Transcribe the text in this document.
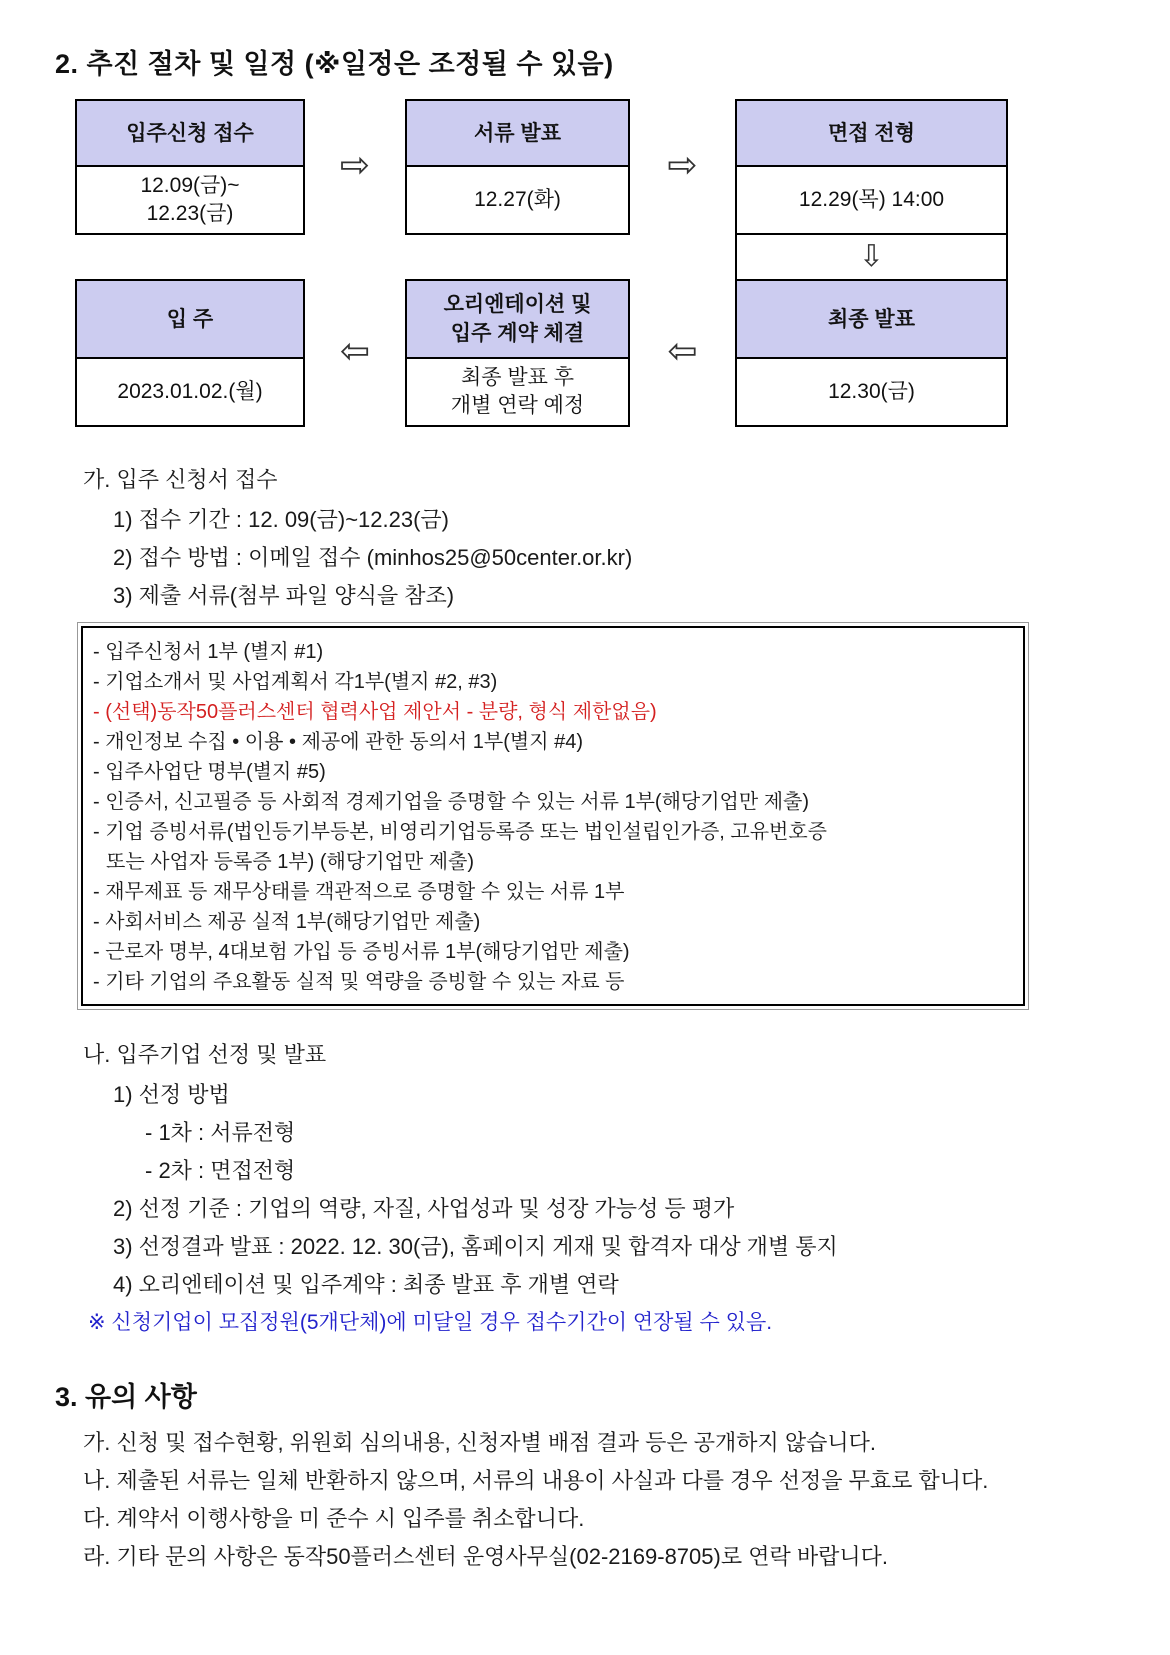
2. 추진 절차 및 일정 (※일정은 조정될 수 있음)
입주신청 접수
12.09(금)~
12.23(금)
⇨
서류 발표
12.27(화)
⇨
면접 전형
12.29(목) 14:00
⇩
입 주
2023.01.02.(월)
⇦
오리엔테이션 및
입주 계약 체결
최종 발표 후
개별 연락 예정
⇦
최종 발표
12.30(금)
가. 입주 신청서 접수
1) 접수 기간 : 12. 09(금)~12.23(금)
2) 접수 방법 : 이메일 접수 (minhos25@50center.or.kr)
3) 제출 서류(첨부 파일 양식을 참조)
- 입주신청서 1부 (별지 #1)
- 기업소개서 및 사업계획서 각1부(별지 #2, #3)
- (선택)동작50플러스센터 협력사업 제안서 - 분량, 형식 제한없음)
- 개인정보 수집 • 이용 • 제공에 관한 동의서 1부(별지 #4)
- 입주사업단 명부(별지 #5)
- 인증서, 신고필증 등 사회적 경제기업을 증명할 수 있는 서류 1부(해당기업만 제출)
- 기업 증빙서류(법인등기부등본, 비영리기업등록증 또는 법인설립인가증, 고유번호증
또는 사업자 등록증 1부) (해당기업만 제출)
- 재무제표 등 재무상태를 객관적으로 증명할 수 있는 서류 1부
- 사회서비스 제공 실적 1부(해당기업만 제출)
- 근로자 명부, 4대보험 가입 등 증빙서류 1부(해당기업만 제출)
- 기타 기업의 주요활동 실적 및 역량을 증빙할 수 있는 자료 등
나. 입주기업 선정 및 발표
1) 선정 방법
- 1차 : 서류전형
- 2차 : 면접전형
2) 선정 기준 : 기업의 역량, 자질, 사업성과 및 성장 가능성 등 평가
3) 선정결과 발표 : 2022. 12. 30(금), 홈페이지 게재 및 합격자 대상 개별 통지
4) 오리엔테이션 및 입주계약 : 최종 발표 후 개별 연락
※ 신청기업이 모집정원(5개단체)에 미달일 경우 접수기간이 연장될 수 있음.
3. 유의 사항
가. 신청 및 접수현황, 위원회 심의내용, 신청자별 배점 결과 등은 공개하지 않습니다.
나. 제출된 서류는 일체 반환하지 않으며, 서류의 내용이 사실과 다를 경우 선정을 무효로 합니다.
다. 계약서 이행사항을 미 준수 시 입주를 취소합니다.
라. 기타 문의 사항은 동작50플러스센터 운영사무실(02-2169-8705)로 연락 바랍니다.
